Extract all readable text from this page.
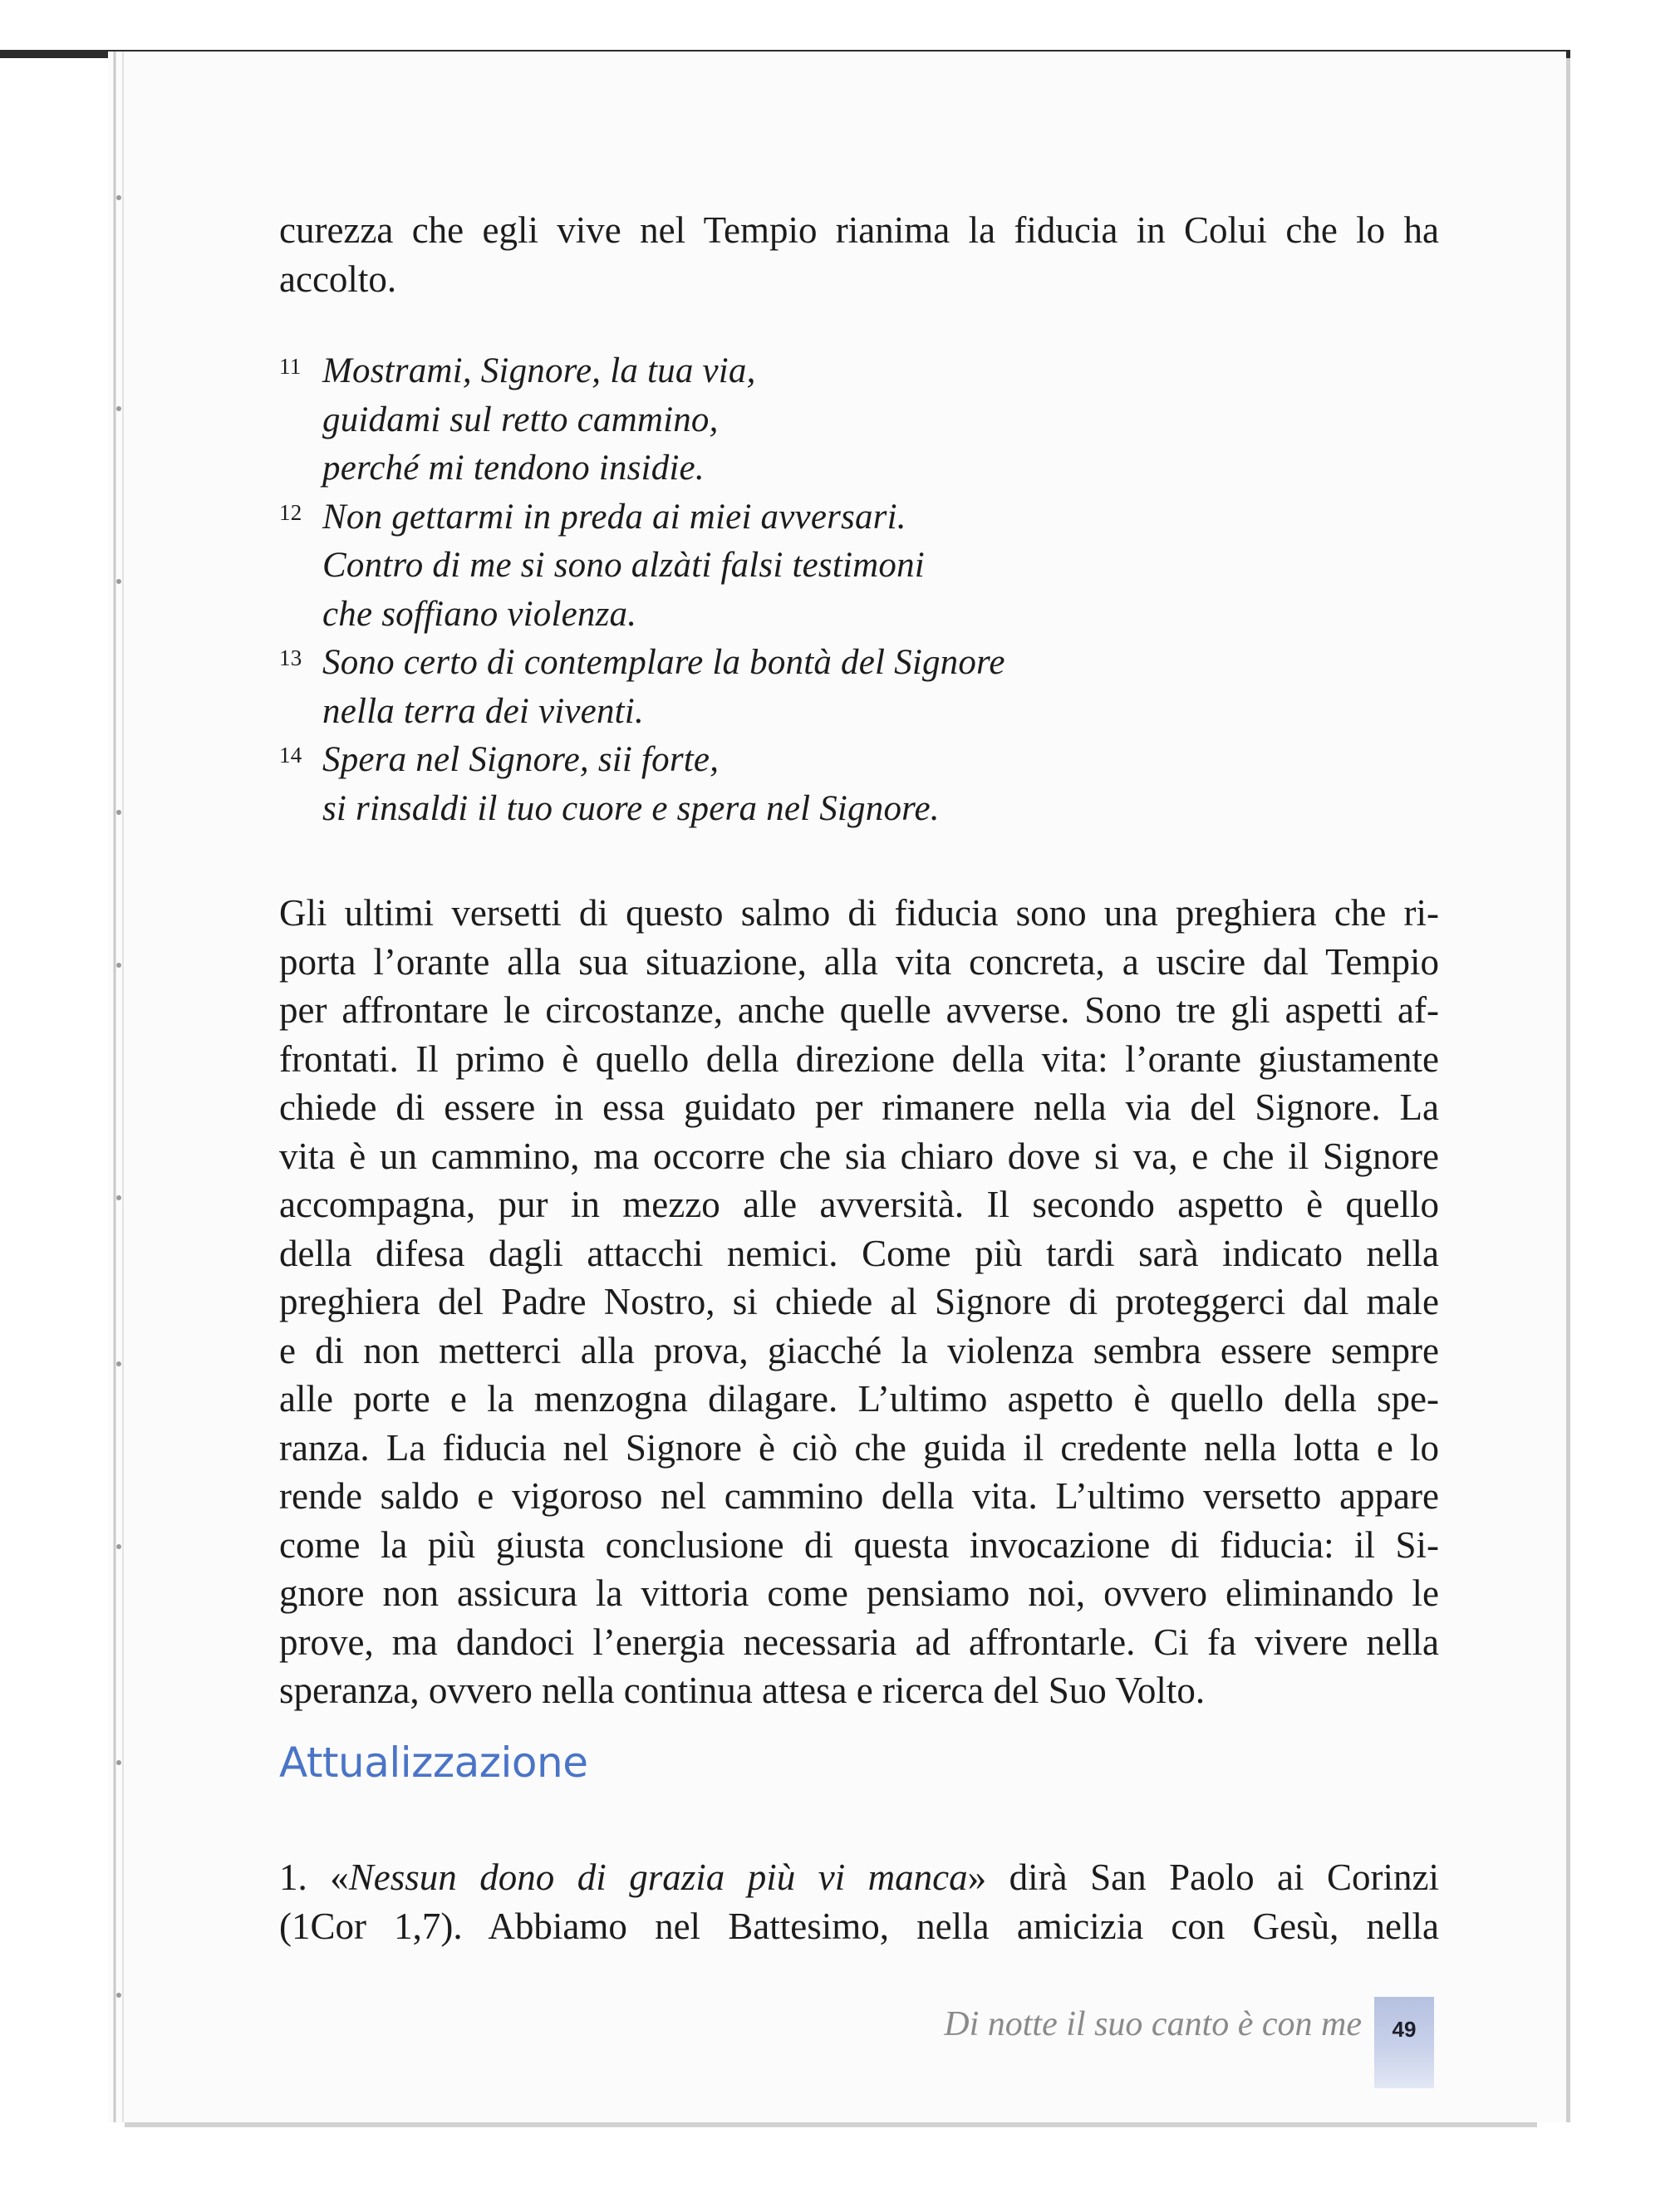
curezza che egli vive nel Tempio rianima la fiducia in Colui che lo ha
accolto.
11 Mostrami, Signore, la tua via,
guidami sul retto cammino,
perché mi tendono insidie.
12 Non gettarmi in preda ai miei avversari.
Contro di me si sono alzàti falsi testimoni
che soffiano violenza.
13 Sono certo di contemplare la bontà del Signore
nella terra dei viventi.
14 Spera nel Signore, sii forte,
si rinsaldi il tuo cuore e spera nel Signore.
Gli ultimi versetti di questo salmo di fiducia sono una preghiera che ri-
porta l’orante alla sua situazione, alla vita concreta, a uscire dal Tempio
per affrontare le circostanze, anche quelle avverse. Sono tre gli aspetti af-
frontati. Il primo è quello della direzione della vita: l’orante giustamente
chiede di essere in essa guidato per rimanere nella via del Signore. La
vita è un cammino, ma occorre che sia chiaro dove si va, e che il Signore
accompagna, pur in mezzo alle avversità. Il secondo aspetto è quello
della difesa dagli attacchi nemici. Come più tardi sarà indicato nella
preghiera del Padre Nostro, si chiede al Signore di proteggerci dal male
e di non metterci alla prova, giacché la violenza sembra essere sempre
alle porte e la menzogna dilagare. L’ultimo aspetto è quello della spe-
ranza. La fiducia nel Signore è ciò che guida il credente nella lotta e lo
rende saldo e vigoroso nel cammino della vita. L’ultimo versetto appare
come la più giusta conclusione di questa invocazione di fiducia: il Si-
gnore non assicura la vittoria come pensiamo noi, ovvero eliminando le
prove, ma dandoci l’energia necessaria ad affrontarle. Ci fa vivere nella
speranza, ovvero nella continua attesa e ricerca del Suo Volto.
Attualizzazione
1. «Nessun dono di grazia più vi manca» dirà San Paolo ai Corinzi
(1Cor 1,7). Abbiamo nel Battesimo, nella amicizia con Gesù, nella
Di notte il suo canto è con me	49
